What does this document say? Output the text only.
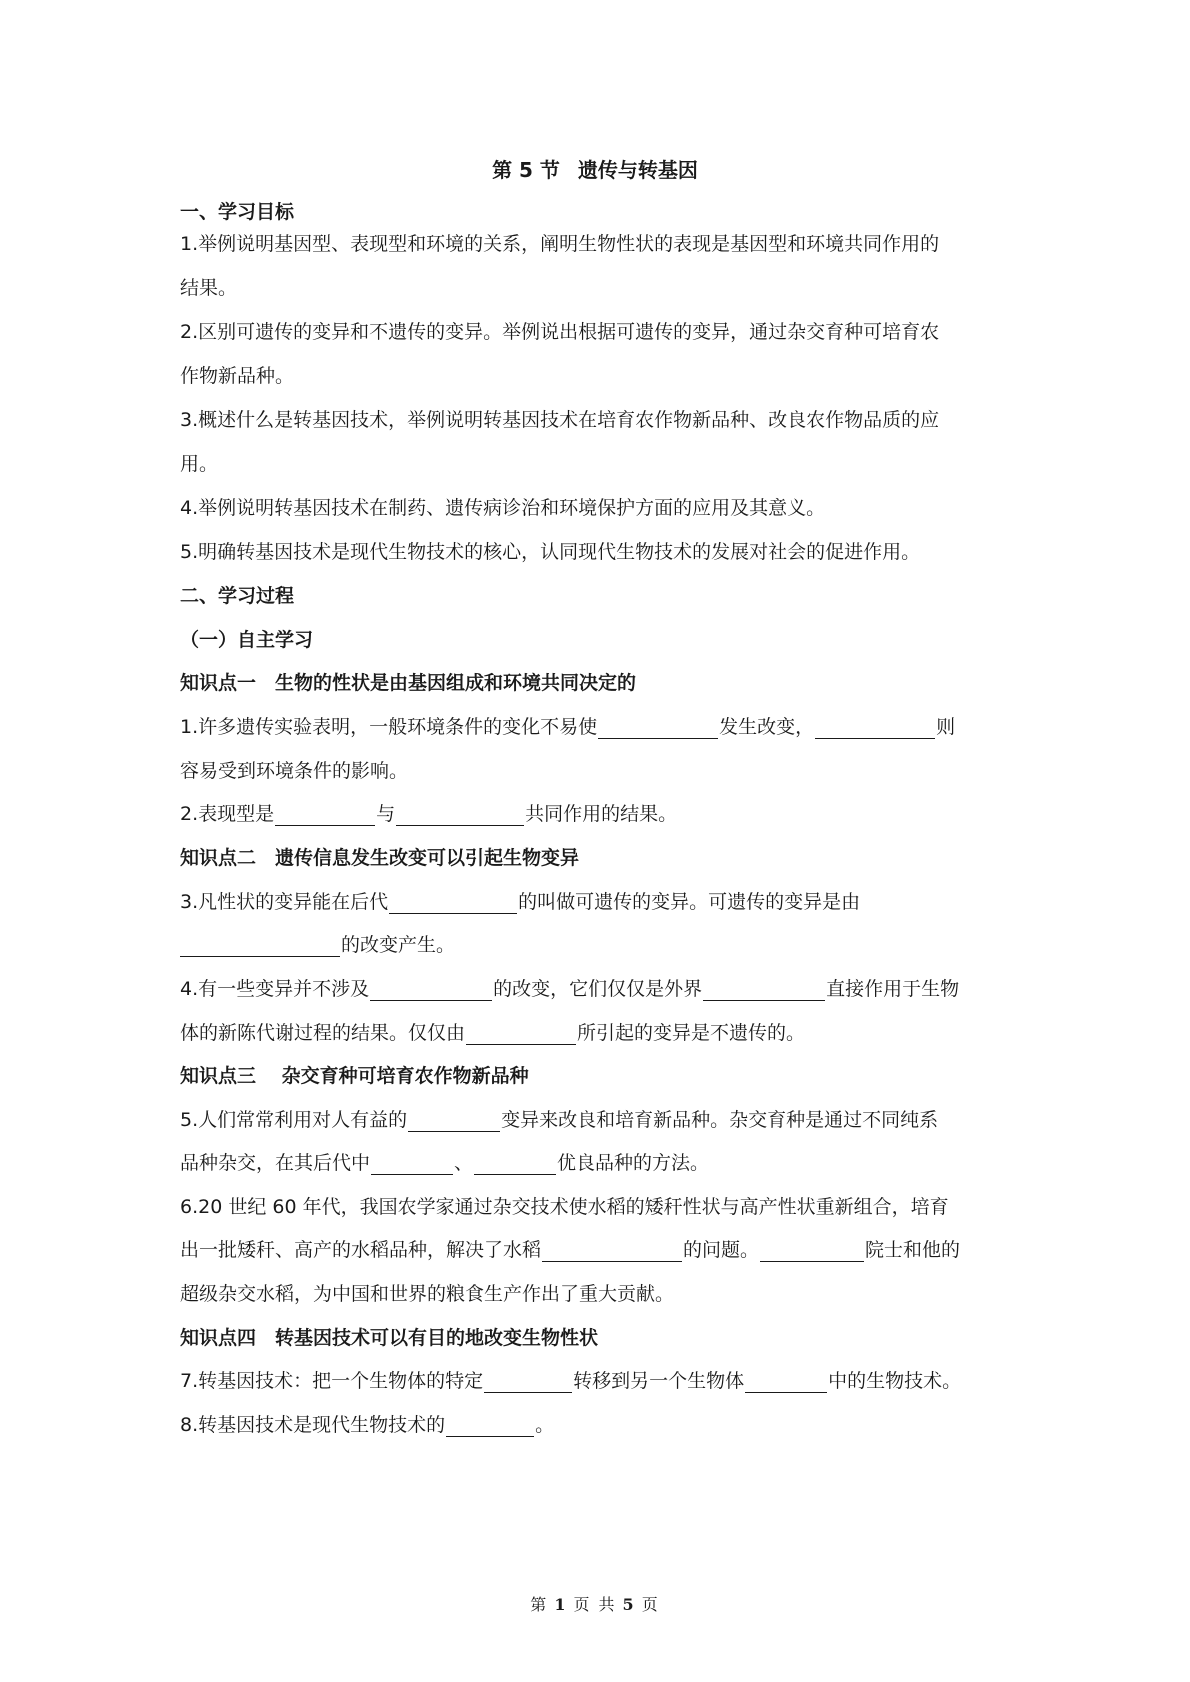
第 5 节 遗传与转基因
一、学习目标
1.举例说明基因型、表现型和环境的关系，阐明生物性状的表现是基因型和环境共同作用的
结果。
2.区别可遗传的变异和不遗传的变异。举例说出根据可遗传的变异，通过杂交育种可培育农
作物新品种。
3.概述什么是转基因技术，举例说明转基因技术在培育农作物新品种、改良农作物品质的应
用。
4.举例说明转基因技术在制药、遗传病诊治和环境保护方面的应用及其意义。
5.明确转基因技术是现代生物技术的核心，认同现代生物技术的发展对社会的促进作用。
二、学习过程
（一）自主学习
知识点一　生物的性状是由基因组成和环境共同决定的
1.许多遗传实验表明，一般环境条件的变化不易使	发生改变，	则
容易受到环境条件的影响。
2.表现型是	与	共同作用的结果。
知识点二　遗传信息发生改变可以引起生物变异
3.凡性状的变异能在后代	的叫做可遗传的变异。可遗传的变异是由
的改变产生。
4.有一些变异并不涉及	的改变，它们仅仅是外界	直接作用于生物
体的新陈代谢过程的结果。仅仅由	所引起的变异是不遗传的。
知识点三　 杂交育种可培育农作物新品种
5.人们常常利用对人有益的	变异来改良和培育新品种。杂交育种是通过不同纯系
品种杂交，在其后代中	、	优良品种的方法。
6.20 世纪 60 年代，我国农学家通过杂交技术使水稻的矮秆性状与高产性状重新组合，培育
出一批矮秆、高产的水稻品种，解决了水稻	的问题。	院士和他的
超级杂交水稻，为中国和世界的粮食生产作出了重大贡献。
知识点四　转基因技术可以有目的地改变生物性状
7.转基因技术：把一个生物体的特定	转移到另一个生物体	中的生物技术。
8.转基因技术是现代生物技术的	。
第 1 页 共 5 页
